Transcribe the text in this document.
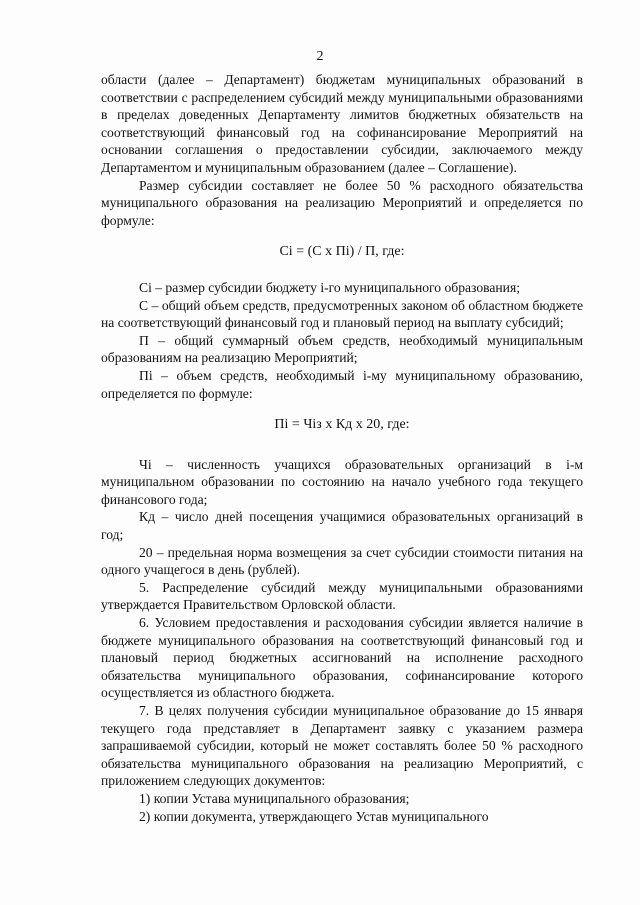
2

области (далее – Департамент) бюджетам муниципальных образований в соответствии с распределением субсидий между муниципальными образованиями в пределах доведенных Департаменту лимитов бюджетных обязательств на соответствующий финансовый год на софинансирование Мероприятий на основании соглашения о предоставлении субсидии, заключаемого между Департаментом и муниципальным образованием (далее – Соглашение).

Размер субсидии составляет не более 50 % расходного обязательства муниципального образования на реализацию Мероприятий и определяется по формуле:

Сi = (С х Пi) / П, где:

Сi – размер субсидии бюджету i-го муниципального образования;

С – общий объем средств, предусмотренных законом об областном бюджете на соответствующий финансовый год и плановый период на выплату субсидий;

П – общий суммарный объем средств, необходимый муниципальным образованиям на реализацию Мероприятий;

Пi – объем средств, необходимый i-му муниципальному образованию, определяется по формуле:

Пi = Чiз х Кд х 20, где:

Чi – численность учащихся образовательных организаций в i-м муниципальном образовании по состоянию на начало учебного года текущего финансового года;

Кд – число дней посещения учащимися образовательных организаций в год;

20 – предельная норма возмещения за счет субсидии стоимости питания на одного учащегося в день (рублей).

5. Распределение субсидий между муниципальными образованиями утверждается Правительством Орловской области.

6. Условием предоставления и расходования субсидии является наличие в бюджете муниципального образования на соответствующий финансовый год и плановый период бюджетных ассигнований на исполнение расходного обязательства муниципального образования, софинансирование которого осуществляется из областного бюджета.

7. В целях получения субсидии муниципальное образование до 15 января текущего года представляет в Департамент заявку с указанием размера запрашиваемой субсидии, который не может составлять более 50 % расходного обязательства муниципального образования на реализацию Мероприятий, с приложением следующих документов:

1) копии Устава муниципального образования;

2) копии документа, утверждающего Устав муниципального
